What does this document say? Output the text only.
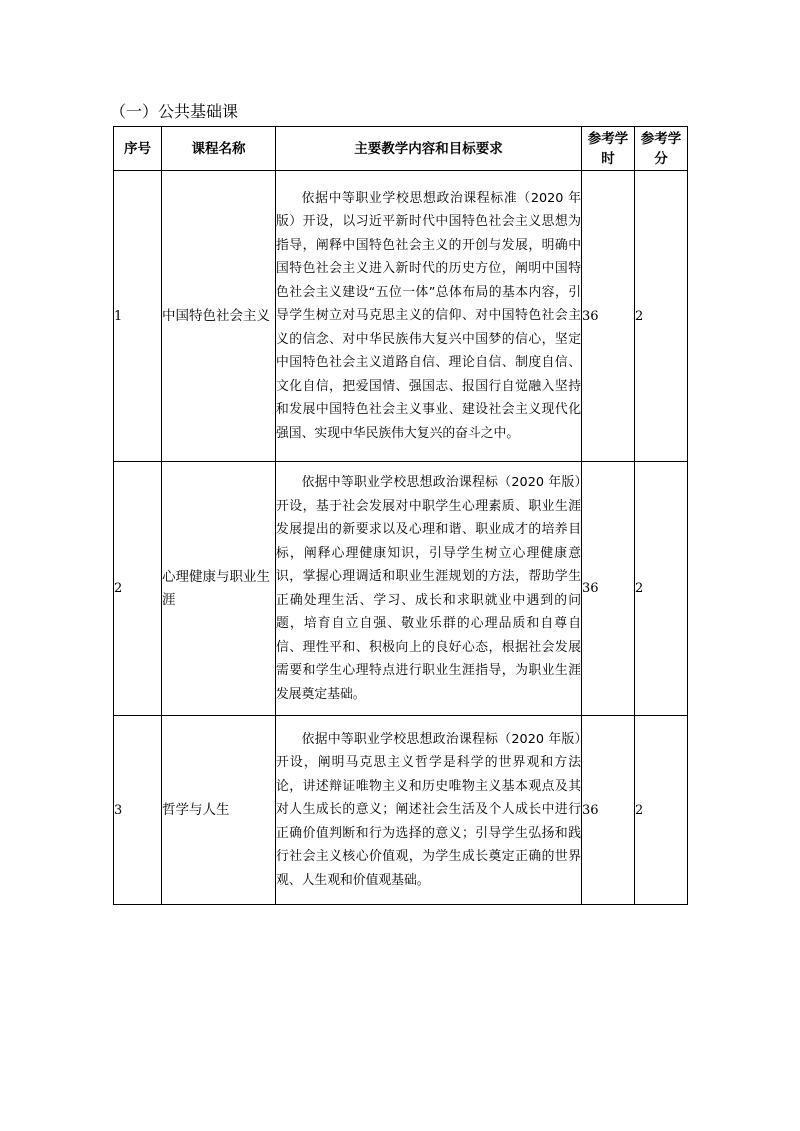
（一）公共基础课
序号	课程名称	主要教学内容和目标要求	参考学时	参考学分
1	中国特色社会主义	依据中等职业学校思想政治课程标准（2020 年版）开设，以习近平新时代中国特色社会主义思想为指导，阐释中国特色社会主义的开创与发展，明确中国特色社会主义进入新时代的历史方位，阐明中国特色社会主义建设“五位一体”总体布局的基本内容，引导学生树立对马克思主义的信仰、对中国特色社会主义的信念、对中华民族伟大复兴中国梦的信心，坚定中国特色社会主义道路自信、理论自信、制度自信、文化自信，把爱国情、强国志、报国行自觉融入坚持和发展中国特色社会主义事业、建设社会主义现代化强国、实现中华民族伟大复兴的奋斗之中。	36	2
2	心理健康与职业生涯	依据中等职业学校思想政治课程标（2020 年版）开设，基于社会发展对中职学生心理素质、职业生涯发展提出的新要求以及心理和谐、职业成才的培养目标，阐释心理健康知识，引导学生树立心理健康意识，掌握心理调适和职业生涯规划的方法，帮助学生正确处理生活、学习、成长和求职就业中遇到的问题，培育自立自强、敬业乐群的心理品质和自尊自信、理性平和、积极向上的良好心态，根据社会发展需要和学生心理特点进行职业生涯指导，为职业生涯发展奠定基础。	36	2
3	哲学与人生	依据中等职业学校思想政治课程标（2020 年版）开设，阐明马克思主义哲学是科学的世界观和方法论，讲述辩证唯物主义和历史唯物主义基本观点及其对人生成长的意义；阐述社会生活及个人成长中进行正确价值判断和行为选择的意义；引导学生弘扬和践行社会主义核心价值观，为学生成长奠定正确的世界观、人生观和价值观基础。	36	2
